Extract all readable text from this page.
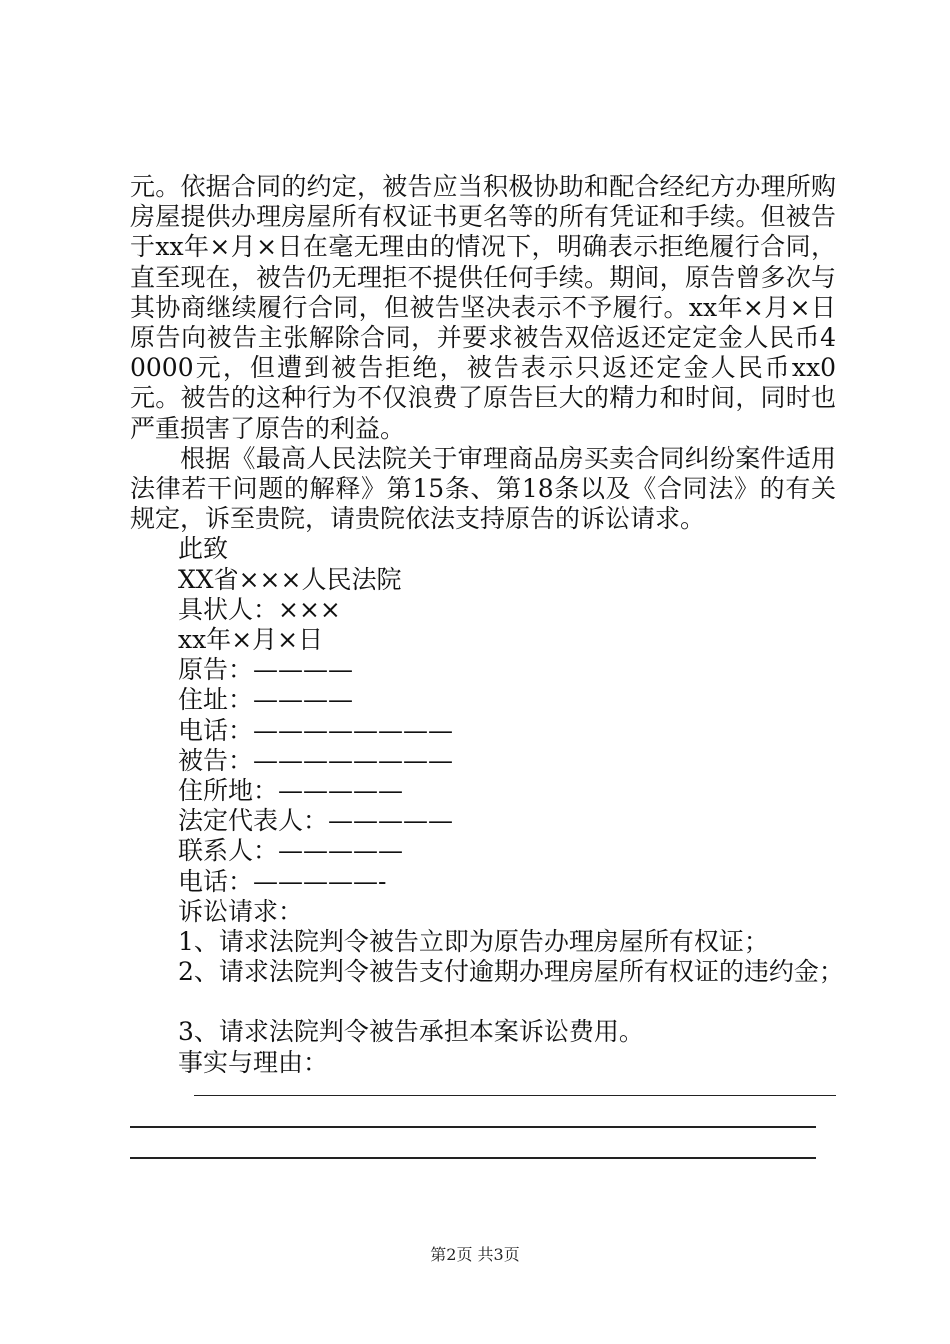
元。依据合同的约定，被告应当积极协助和配合经纪方办理所购房屋提供办理房屋所有权证书更名等的所有凭证和手续。但被告于xx年×月×日在毫无理由的情况下，明确表示拒绝履行合同，直至现在，被告仍无理拒不提供任何手续。期间，原告曾多次与其协商继续履行合同，但被告坚决表示不予履行。xx年×月×日原告向被告主张解除合同，并要求被告双倍返还定定金人民币40000元，但遭到被告拒绝，被告表示只返还定金人民币xx0元。被告的这种行为不仅浪费了原告巨大的精力和时间，同时也严重损害了原告的利益。

根据《最高人民法院关于审理商品房买卖合同纠纷案件适用法律若干问题的解释》第15条、第18条以及《合同法》的有关规定，诉至贵院，请贵院依法支持原告的诉讼请求。

此致

XX省×××人民法院

具状人：×××

xx年×月×日

原告：————

住址：————

电话：————————

被告：————————

住所地：—————

法定代表人：—————

联系人：—————

电话：—————-

诉讼请求：

1、请求法院判令被告立即为原告办理房屋所有权证；

2、请求法院判令被告支付逾期办理房屋所有权证的违约金；

3、请求法院判令被告承担本案诉讼费用。

事实与理由：

第2页 共3页
